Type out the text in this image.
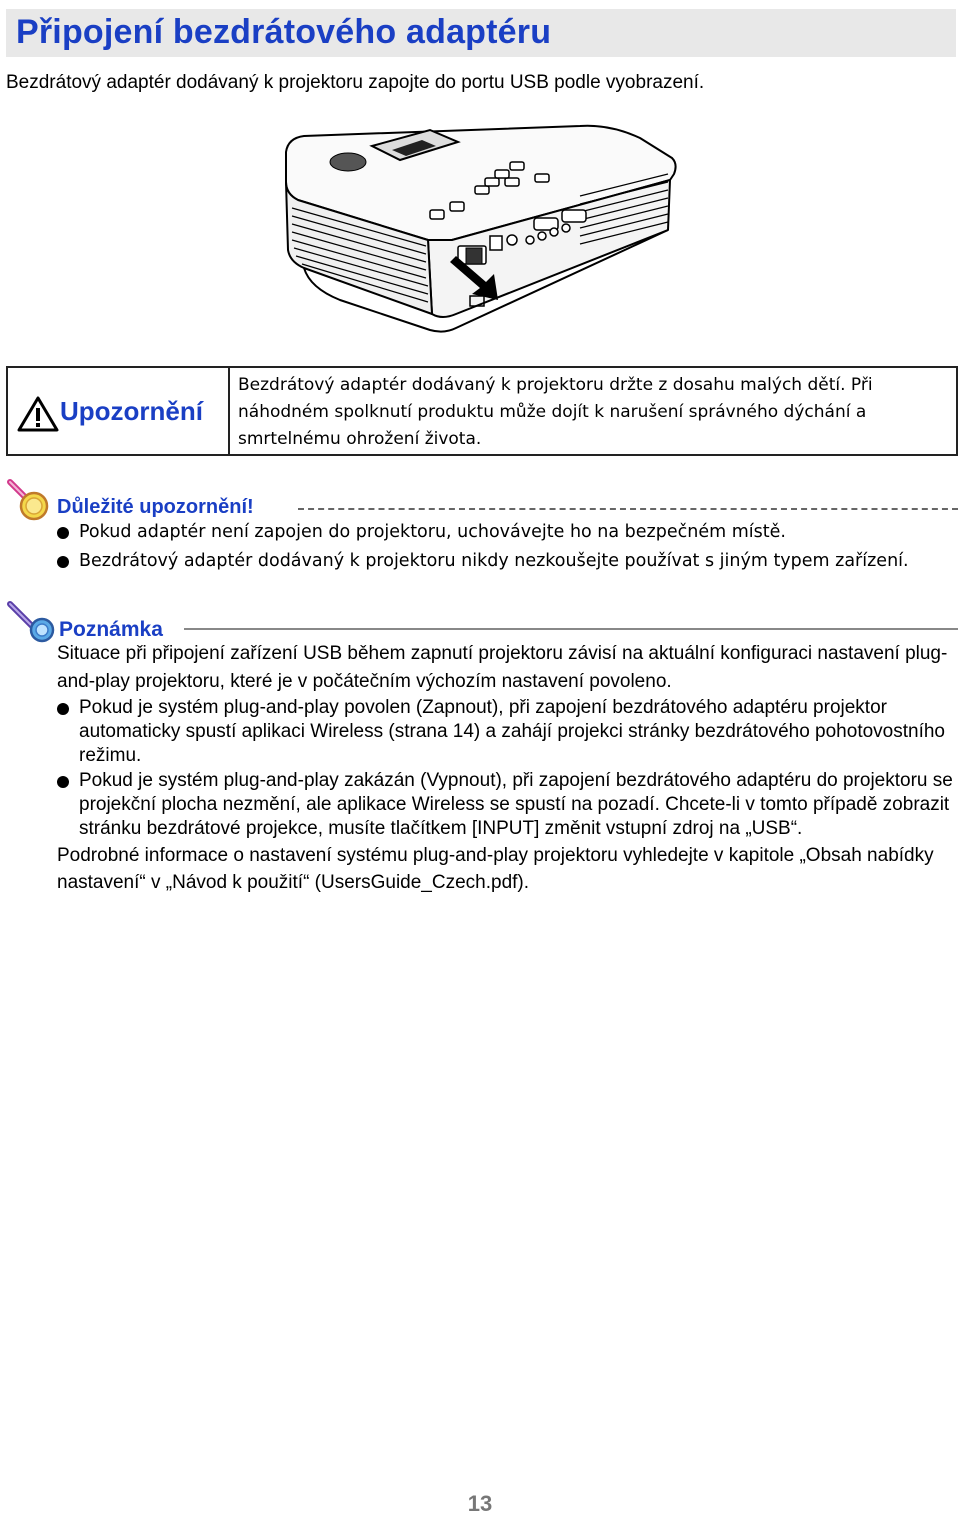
Připojení bezdrátového adaptéru
Bezdrátový adaptér dodávaný k projektoru zapojte do portu USB podle vyobrazení.
Upozornění
Bezdrátový adaptér dodávaný k projektoru držte z dosahu malých dětí. Při náhodném spolknutí produktu může dojít k narušení správného dýchání a smrtelnému ohrožení života.
Důležité upozornění!
Pokud adaptér není zapojen do projektoru, uchovávejte ho na bezpečném místě.
Bezdrátový adaptér dodávaný k projektoru nikdy nezkoušejte používat s jiným typem zařízení.
Poznámka

Situace při připojení zařízení USB během zapnutí projektoru závisí na aktuální konfiguraci nastavení plug-and-play projektoru, které je v počátečním výchozím nastavení povoleno.

Pokud je systém plug-and-play povolen (Zapnout), při zapojení bezdrátového adaptéru projektor automaticky spustí aplikaci Wireless (strana 14) a zahájí projekci stránky bezdrátového pohotovostního režimu.
Pokud je systém plug-and-play zakázán (Vypnout), při zapojení bezdrátového adaptéru do projektoru se projekční plocha nezmění, ale aplikace Wireless se spustí na pozadí. Chcete-li v tomto případě zobrazit stránku bezdrátové projekce, musíte tlačítkem [INPUT] změnit vstupní zdroj na „USB“.

Podrobné informace o nastavení systému plug-and-play projektoru vyhledejte v kapitole „Obsah nabídky nastavení“ v „Návod k použití“ (UsersGuide_Czech.pdf).

13
